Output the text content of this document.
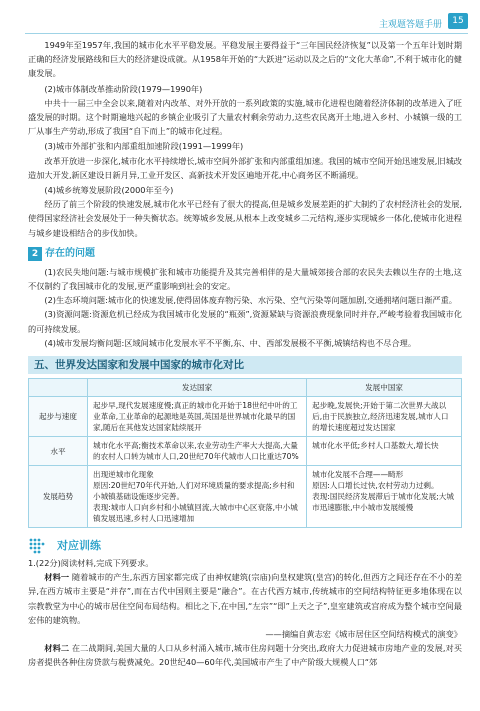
主观题答题手册	15

1949年至1957年,我国的城市化水平平稳发展。平稳发展主要得益于“三年国民经济恢复”以及第一个五年计划时期正确的经济发展路线和巨大的经济建设成就。从1958年开始的“大跃进”运动以及之后的“文化大革命”,不利于城市化的健康发展。

(2)城市体制改革推动阶段(1979—1990年)

中共十一届三中全会以来,随着对内改革、对外开放的一系列政策的实施,城市化进程也随着经济体制的改革进入了旺盛发展的时期。这个时期遍地兴起的乡镇企业吸引了大量农村剩余劳动力,这些农民离开土地,进入乡村、小城镇一级的工厂从事生产劳动,形成了我国“自下而上”的城市化过程。

(3)城市外部扩张和内部重组加速阶段(1991—1999年)

改革开放进一步深化,城市化水平持续增长,城市空间外部扩张和内部重组加速。我国的城市空间开始迅速发展,旧城改造加大开发,新区建设日新月异,工业开发区、高新技术开发区遍地开花,中心商务区不断涌现。

(4)城乡统筹发展阶段(2000年至今)

经历了前三个阶段的快速发展,城市化水平已经有了很大的提高,但是城乡发展差距的扩大制约了农村经济社会的发展,使得国家经济社会发展处于一种失衡状态。统筹城乡发展,从根本上改变城乡二元结构,逐步实现城乡一体化,使城市化进程与城乡建设相结合的步伐加快。

2 存在的问题

(1)农民失地问题:与城市规模扩张和城市功能提升及其完善相伴的是大量城郊接合部的农民失去赖以生存的土地,这不仅制约了我国城市化的发展,更严重影响到社会的安定。

(2)生态环境问题:城市化的快速发展,使得固体废弃物污染、水污染、空气污染等问题加剧,交通拥堵问题日渐严重。

(3)资源问题:资源危机已经成为我国城市化发展的“瓶颈”,资源紧缺与资源浪费现象同时并存,严峻考验着我国城市化的可持续发展。

(4)城市发展均衡问题:区域间城市化发展水平不平衡,东、中、西部发展极不平衡,城镇结构也不尽合理。

五、世界发达国家和发展中国家的城市化对比
	发达国家	发展中国家
起步与速度	起步早,现代发展速度慢;真正的城市化开始于18世纪中叶的工业革命,工业革命的起源地是英国,英国是世界城市化最早的国家,随后在其他发达国家陆续展开	起步晚,发展快;开始于第二次世界大战以后,由于民族独立,经济迅速发展,城市人口的增长速度超过发达国家
水平	城市化水平高;衡技术革命以来,农业劳动生产率大大提高,大量的农村人口转为城市人口,20世纪70年代城市人口比重达70%	城市化水平低;乡村人口基数大,增长快
发展趋势	出现逆城市化现象
原因:20世纪70年代开始,人们对环境质量的要求提高;乡村和小城镇基础设施逐步完善。
表现:城市人口向乡村和小城镇回流,大城市中心区衰落,中小城镇发展迅速,乡村人口迅速增加	城市化发展不合理——畸形
原因:人口增长过快,农村劳动力过剩。
表现:国民经济发展滞后于城市化发展;大城市迅速膨胀,中小城市发展缓慢
对应训练

1.(22分)阅读材料,完成下列要求。

材料一 随着城市的产生,东西方国家都完成了由神权建筑(宗庙)向皇权建筑(皇宫)的转化,但西方之间还存在不小的差异,在西方城市主要是“并存”,而在古代中国则主要是“融合”。在古代西方城市,传统城市的空间结构特征更多地体现在以宗教教堂为中心的城市居住空间布局结构。相比之下,在中国,“左宗”“即”上天之子”,皇室建筑或宫府成为整个城市空间最宏伟的建筑物。

——摘编自黄志宏《城市居住区空间结构模式的演变》

材料二 在二战期间,美国大量的人口从乡村涌入城市,城市住房问题十分突出,政府大力促进城市房地产业的发展,对买房者提供各种住房贷款与税费减免。20世纪40—60年代,美国城市产生了中产阶级大规模人口“郊
